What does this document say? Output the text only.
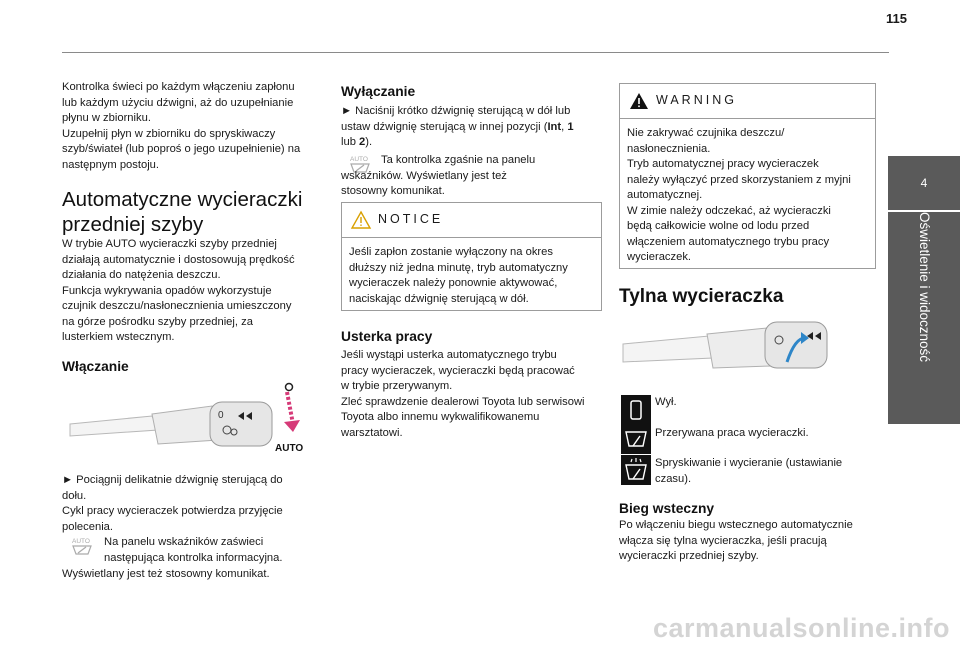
115
4
Oświetlenie i widoczność

Kontrolka świeci po każdym włączeniu zapłonu
lub każdym użyciu dźwigni, aż do uzupełnianie
płynu w zbiorniku.
Uzupełnij płyn w zbiorniku do spryskiwaczy
szyb/świateł (lub poproś o jego uzupełnienie) na
następnym postoju.

Automatyczne wycieraczki
przedniej szyby

W trybie AUTO wycieraczki szyby przedniej
działają automatycznie i dostosowują prędkość
działania do natężenia deszczu.
Funkcja wykrywania opadów wykorzystuje
czujnik deszczu/nasłonecznienia umieszczony
na górze pośrodku szyby przedniej, za
lusterkiem wstecznym.

Włączanie
0
AUTO

► Pociągnij delikatnie dźwignię sterującą do
dołu.
Cykl pracy wycieraczek potwierdza przyjęcie
polecenia.

AUTO Na panelu wskaźników zaświeci
następująca kontrolka informacyjna.

Wyświetlany jest też stosowny komunikat.

Wyłączanie

► Naciśnij krótko dźwignię sterującą w dół lub
ustaw dźwignię sterującą w innej pozycji (Int, 1
lub 2).

AUTO	Ta kontrolka zgaśnie na panelu
wskaźników. Wyświetlany jest też
stosowny komunikat.

NOTICE

Jeśli zapłon zostanie wyłączony na okres
dłuższy niż jedna minutę, tryb automatyczny
wycieraczek należy ponownie aktywować,
naciskając dźwignię sterującą w dół.

Usterka pracy

Jeśli wystąpi usterka automatycznego trybu
pracy wycieraczek, wycieraczki będą pracować
w trybie przerywanym.
Zleć sprawdzenie dealerowi Toyota lub serwisowi
Toyota albo innemu wykwalifikowanemu
warsztatowi.

WARNING

Nie zakrywać czujnika deszczu/
nasłonecznienia.
Tryb automatycznej pracy wycieraczek
należy wyłączyć przed skorzystaniem z myjni
automatycznej.
W zimie należy odczekać, aż wycieraczki
będą całkowicie wolne od lodu przed
włączeniem automatycznego trybu pracy
wycieraczek.

Tylna wycieraczka

Wył.

Przerywana praca wycieraczki.

Spryskiwanie i wycieranie (ustawianie
czasu).

Bieg wsteczny

Po włączeniu biegu wstecznego automatycznie
włącza się tylna wycieraczka, jeśli pracują
wycieraczki przedniej szyby.

carmanualsonline.info
